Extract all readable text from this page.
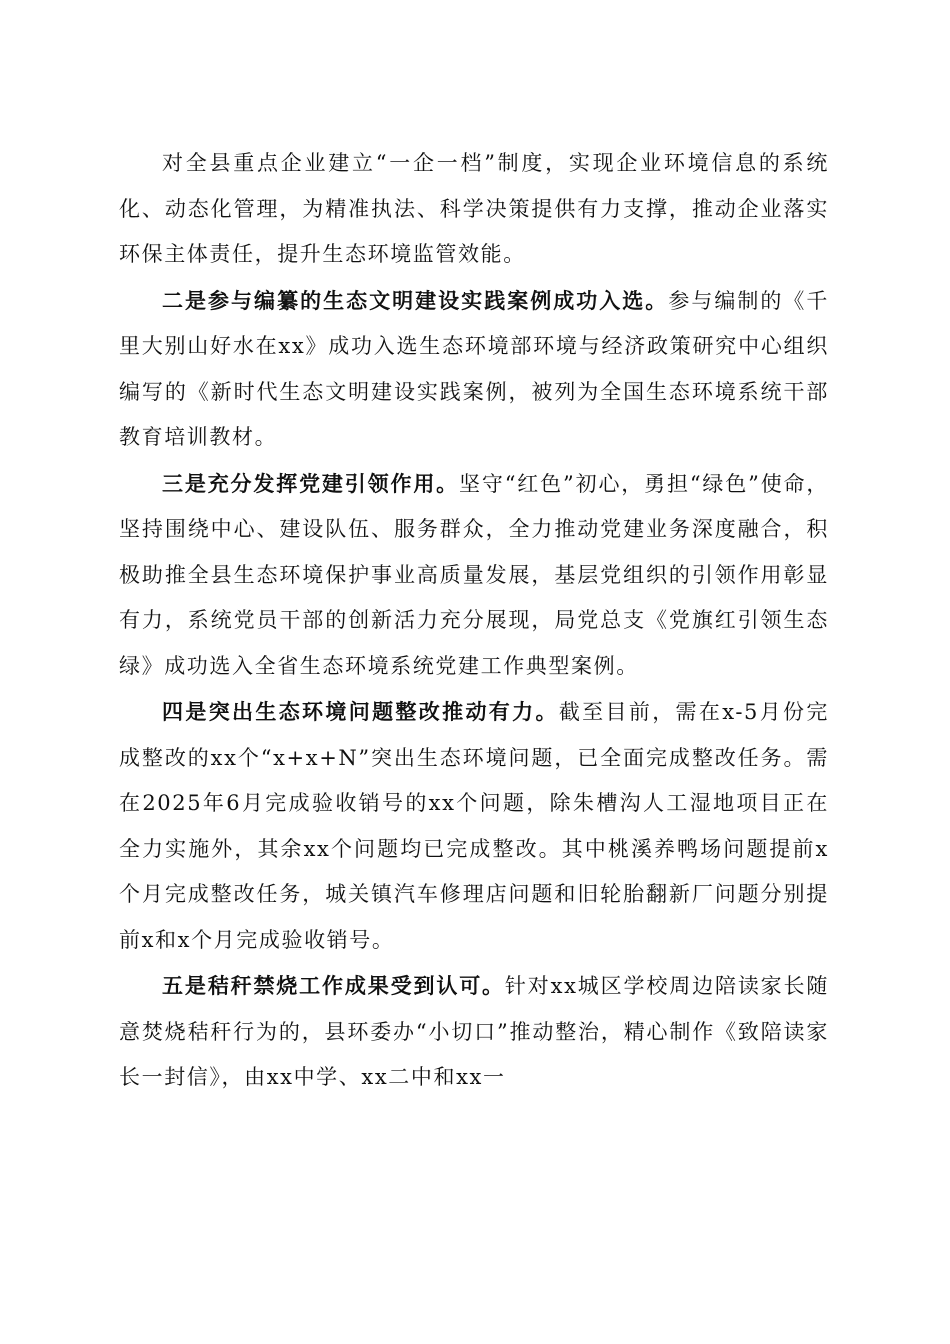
对全县重点企业建立“一企一档”制度，实现企业环境信息的系统化、动态化管理，为精准执法、科学决策提供有力支撑，推动企业落实环保主体责任，提升生态环境监管效能。

二是参与编纂的生态文明建设实践案例成功入选。参与编制的《千里大别山好水在xx》成功入选生态环境部环境与经济政策研究中心组织编写的《新时代生态文明建设实践案例，被列为全国生态环境系统干部教育培训教材。

三是充分发挥党建引领作用。坚守“红色”初心，勇担“绿色”使命，坚持围绕中心、建设队伍、服务群众，全力推动党建业务深度融合，积极助推全县生态环境保护事业高质量发展，基层党组织的引领作用彰显有力，系统党员干部的创新活力充分展现，局党总支《党旗红引领生态绿》成功选入全省生态环境系统党建工作典型案例。

四是突出生态环境问题整改推动有力。截至目前，需在x-5月份完成整改的xx个“x+x+N”突出生态环境问题，已全面完成整改任务。需在2025年6月完成验收销号的xx个问题，除朱槽沟人工湿地项目正在全力实施外，其余xx个问题均已完成整改。其中桃溪养鸭场问题提前x个月完成整改任务，城关镇汽车修理店问题和旧轮胎翻新厂问题分别提前x和x个月完成验收销号。

五是秸秆禁烧工作成果受到认可。针对xx城区学校周边陪读家长随意焚烧秸秆行为的，县环委办“小切口”推动整治，精心制作《致陪读家长一封信》，由xx中学、xx二中和xx一
